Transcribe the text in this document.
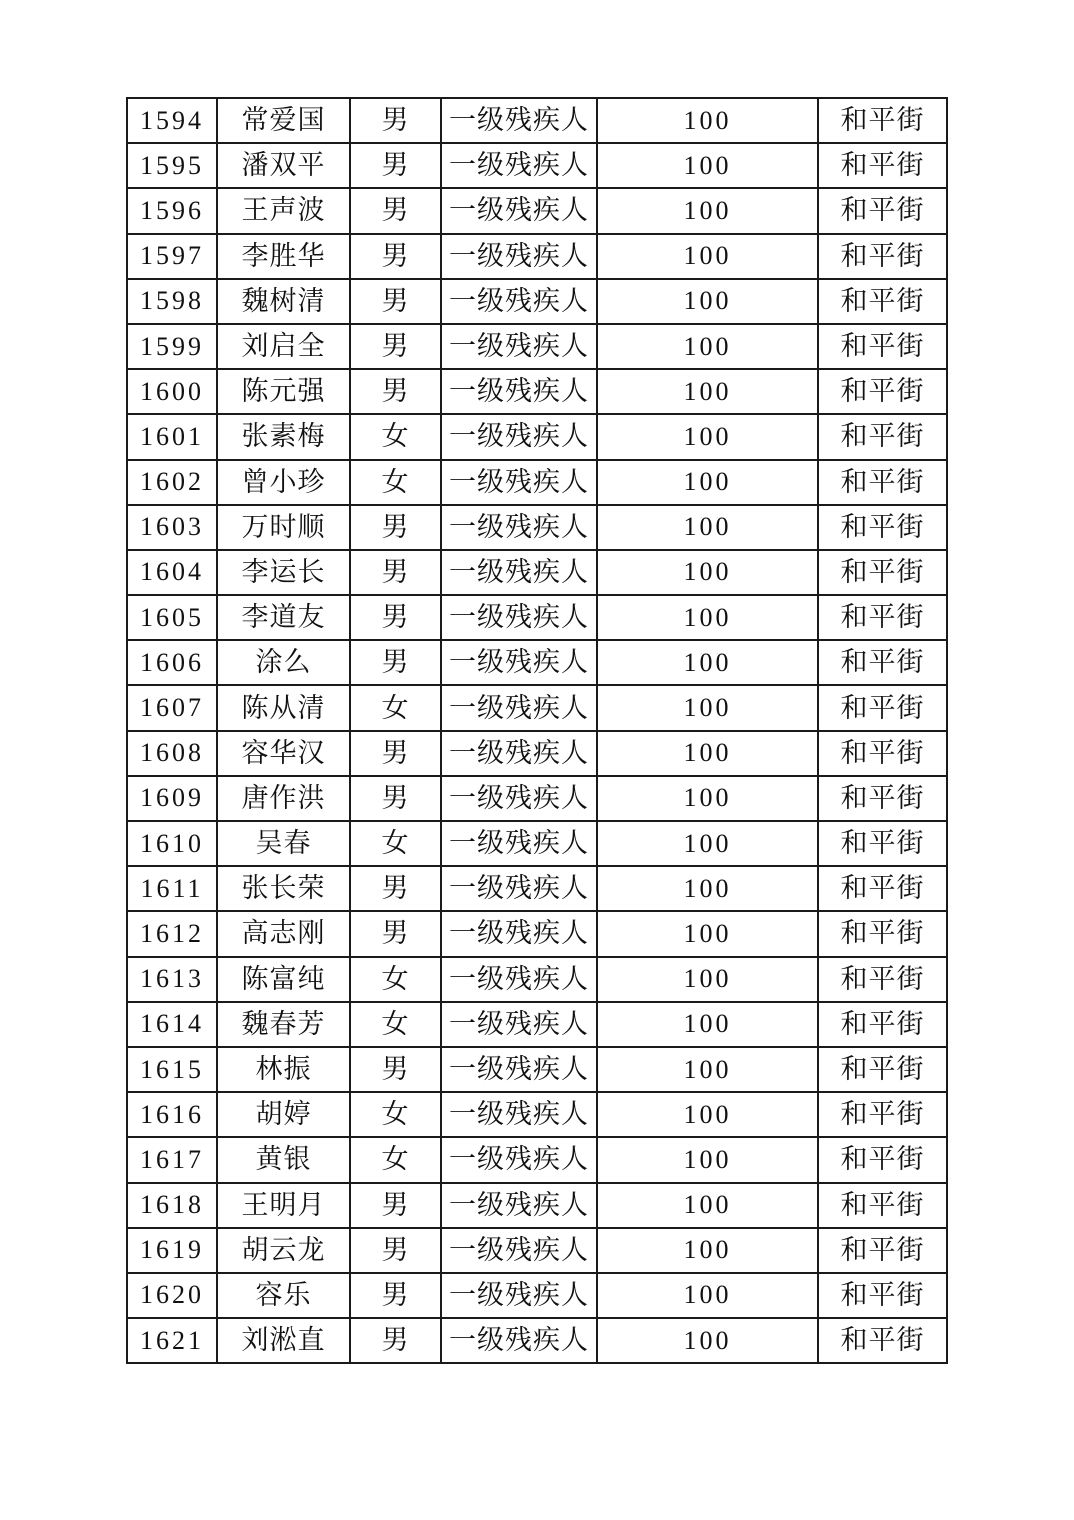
1594	常爱国	男	一级残疾人	100	和平街
1595	潘双平	男	一级残疾人	100	和平街
1596	王声波	男	一级残疾人	100	和平街
1597	李胜华	男	一级残疾人	100	和平街
1598	魏树清	男	一级残疾人	100	和平街
1599	刘启全	男	一级残疾人	100	和平街
1600	陈元强	男	一级残疾人	100	和平街
1601	张素梅	女	一级残疾人	100	和平街
1602	曾小珍	女	一级残疾人	100	和平街
1603	万时顺	男	一级残疾人	100	和平街
1604	李运长	男	一级残疾人	100	和平街
1605	李道友	男	一级残疾人	100	和平街
1606	涂么	男	一级残疾人	100	和平街
1607	陈从清	女	一级残疾人	100	和平街
1608	容华汉	男	一级残疾人	100	和平街
1609	唐作洪	男	一级残疾人	100	和平街
1610	吴春	女	一级残疾人	100	和平街
1611	张长荣	男	一级残疾人	100	和平街
1612	高志刚	男	一级残疾人	100	和平街
1613	陈富纯	女	一级残疾人	100	和平街
1614	魏春芳	女	一级残疾人	100	和平街
1615	林振	男	一级残疾人	100	和平街
1616	胡婷	女	一级残疾人	100	和平街
1617	黄银	女	一级残疾人	100	和平街
1618	王明月	男	一级残疾人	100	和平街
1619	胡云龙	男	一级残疾人	100	和平街
1620	容乐	男	一级残疾人	100	和平街
1621	刘淞直	男	一级残疾人	100	和平街
